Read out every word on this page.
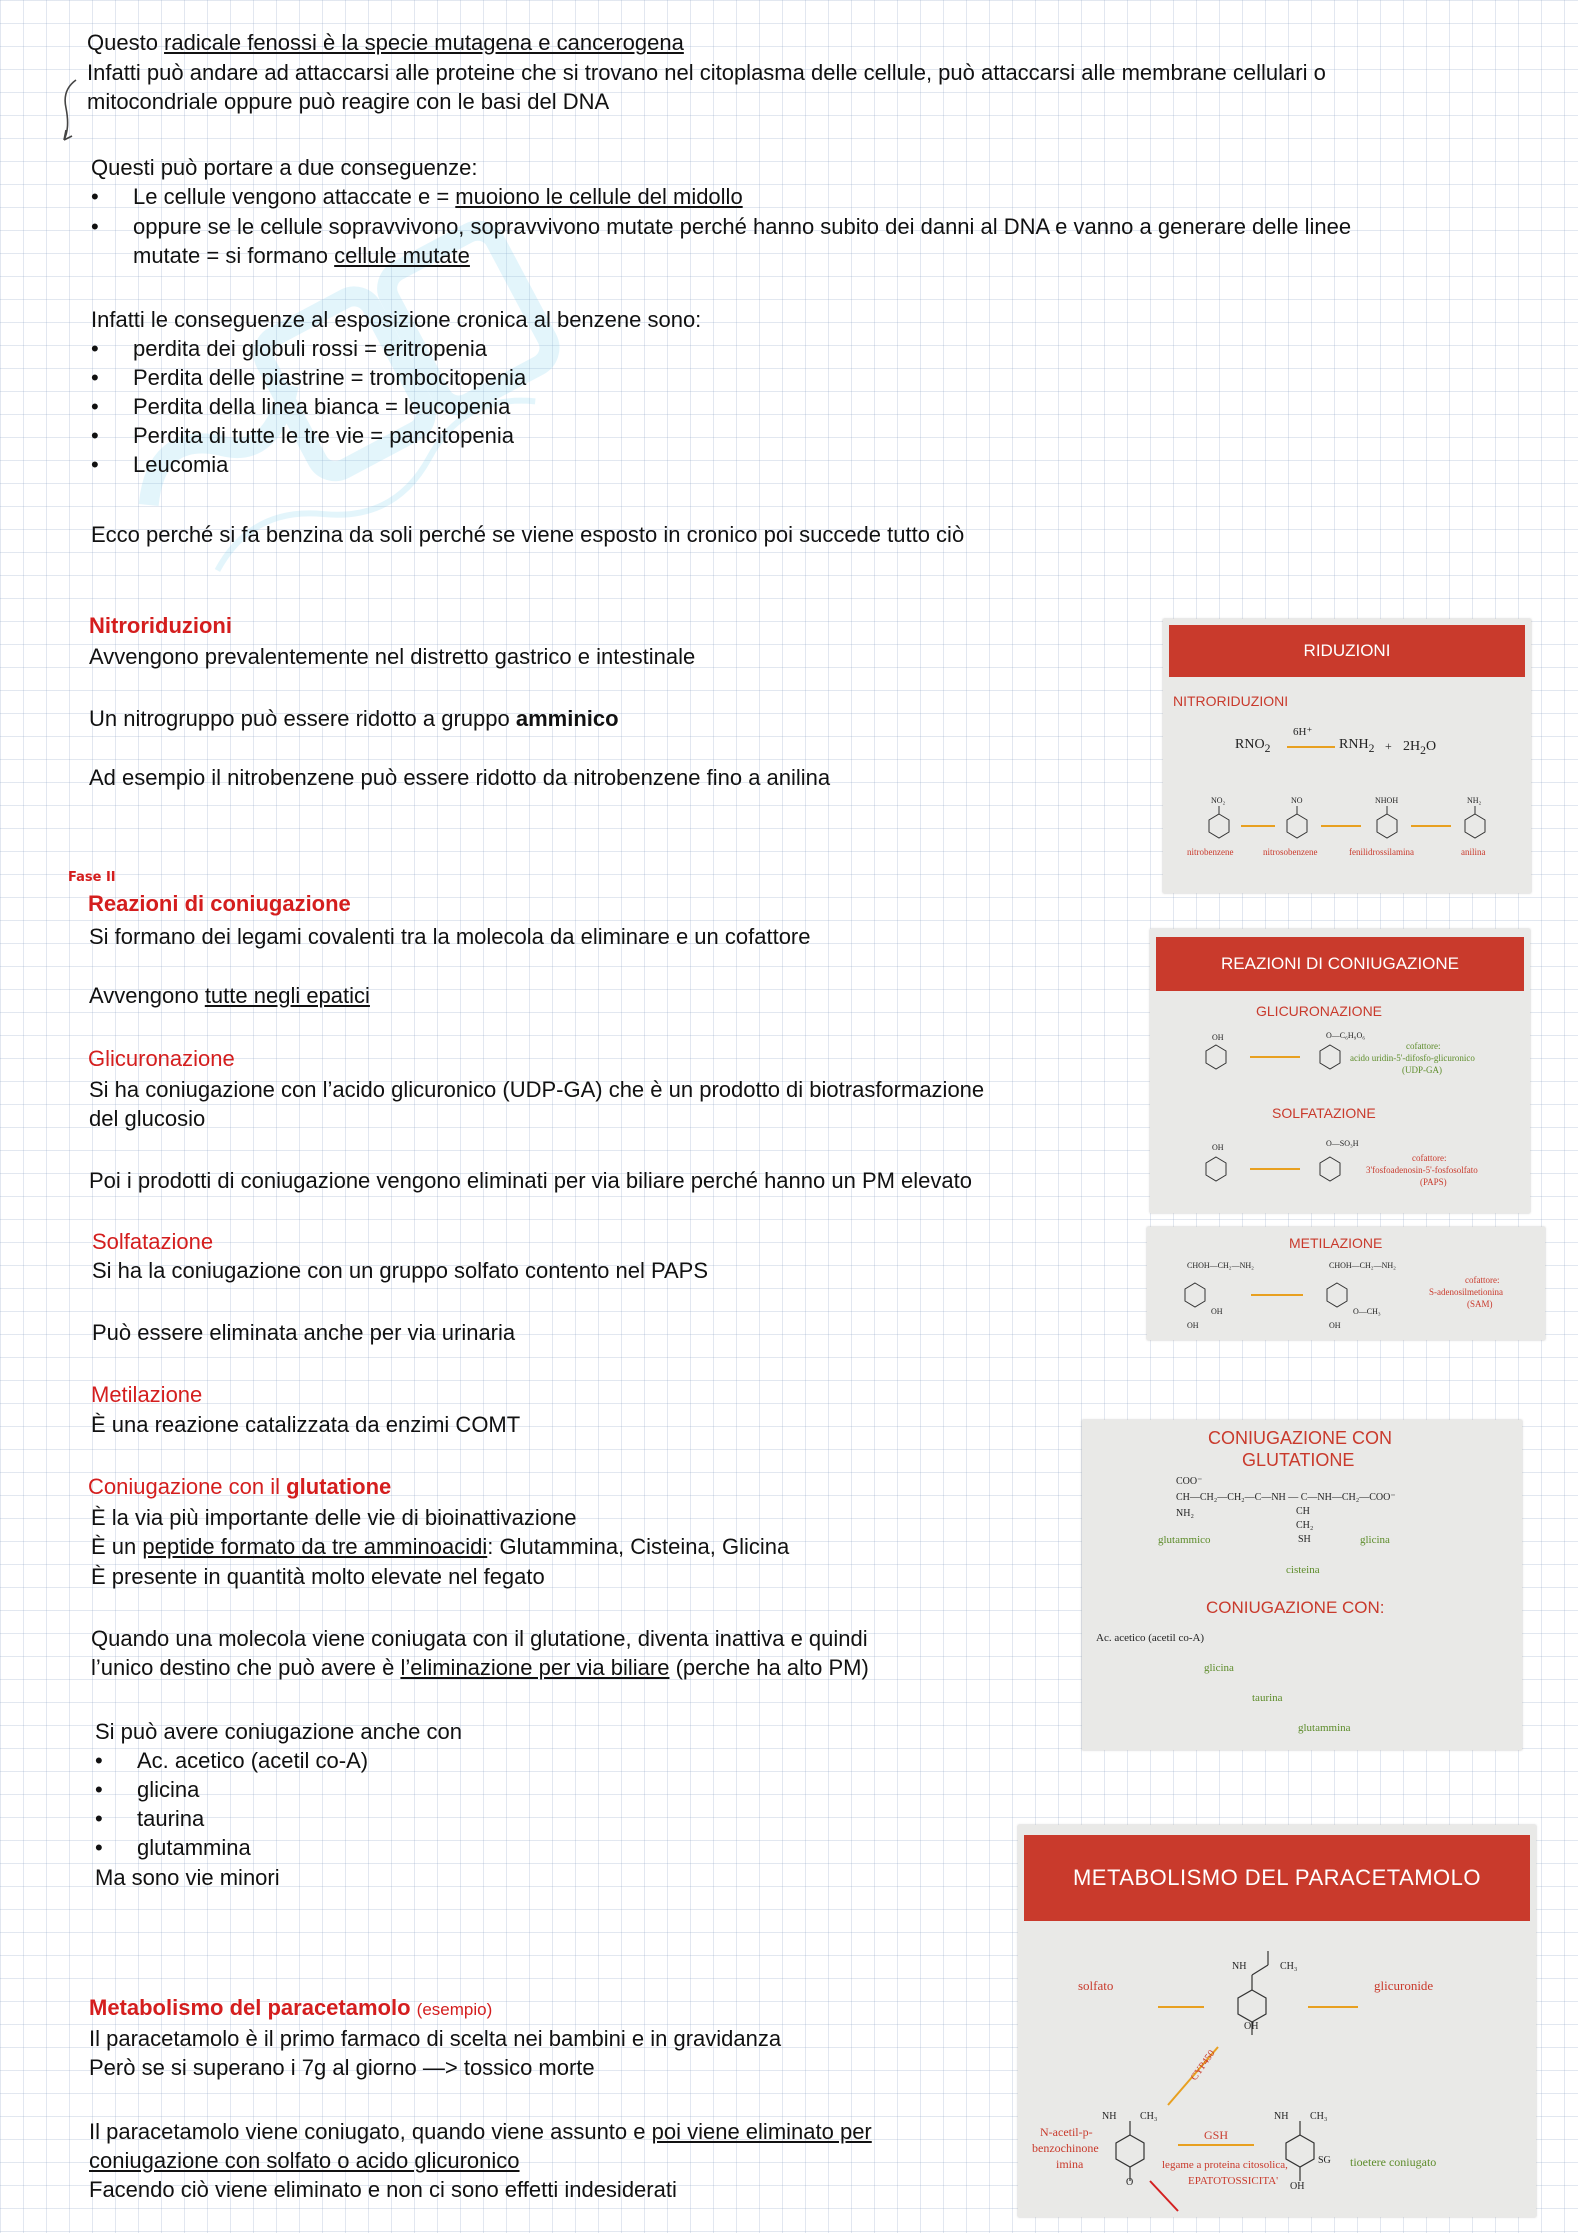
Questo radicale fenossi è la specie mutagena e cancerogena
Infatti può andare ad attaccarsi alle proteine che si trovano nel citoplasma delle cellule, può attaccarsi alle membrane cellulari o
mitocondriale oppure può reagire con le basi del DNA
Questi può portare a due conseguenze:
• Le cellule vengono attaccate e = muoiono le cellule del midollo
• oppure se le cellule sopravvivono, sopravvivono mutate perché hanno subito dei danni al DNA e vanno a generare delle linee
mutate = si formano cellule mutate
Infatti le conseguenze al esposizione cronica al benzene sono:
• perdita dei globuli rossi = eritropenia
• Perdita delle piastrine = trombocitopenia
• Perdita della linea bianca = leucopenia
• Perdita di tutte le tre vie = pancitopenia
• Leucomia
Ecco perché si fa benzina da soli perché se viene esposto in cronico poi succede tutto ciò
Nitroriduzioni
Avvengono prevalentemente nel distretto gastrico e intestinale
Un nitrogruppo può essere ridotto a gruppo amminico
Ad esempio il nitrobenzene può essere ridotto da nitrobenzene fino a anilina
RIDUZIONI
NITRORIDUZIONI
$RNO_2$
6H⁺
$RNH_2 + 2H_2O$
NO₂	NO	NHOH	NH₂
nitrobenzene	nitrosobenzene	fenilidrossilamina	anilina
Fase II
Reazioni di coniugazione
Si formano dei legami covalenti tra la molecola da eliminare e un cofattore
Avvengono tutte negli epatici
Glicuronazione
Si ha coniugazione con l’acido glicuronico (UDP-GA) che è un prodotto di biotrasformazione
del glucosio
Poi i prodotti di coniugazione vengono eliminati per via biliare perché hanno un PM elevato
REAZIONI DI CONIUGAZIONE
GLICURONAZIONE
OH	O—C₆H₉O₆
cofattore:
acido uridin-5'-difosfo-glicuronico
(UDP-GA)
SOLFATAZIONE
OH	O—SO₃H
cofattore:
3'fosfoadenosin-5'-fosfosolfato
(PAPS)
Solfatazione
Si ha la coniugazione con un gruppo solfato contento nel PAPS
Può essere eliminata anche per via urinaria
METILAZIONE
CHOH—CH₂—NH₂	CHOH—CH₂—NH₂
OH
OH
O—CH₃
OH
cofattore:
S-adenosilmetionina
(SAM)
Metilazione
È una reazione catalizzata da enzimi COMT
Coniugazione con il glutatione
È la via più importante delle vie di bioinattivazione
È un peptide formato da tre amminoacidi: Glutammina, Cisteina, Glicina
È presente in quantità molto elevate nel fegato
Quando una molecola viene coniugata con il glutatione, diventa inattiva e quindi
l’unico destino che può avere è l’eliminazione per via biliare (perche ha alto PM)
Si può avere coniugazione anche con
• Ac. acetico (acetil co-A)
• glicina
• taurina
• glutammina
Ma sono vie minori
CONIUGAZIONE CON
GLUTATIONE
COO⁻
CH—CH₂—CH₂—C—NH — C—NH—CH₂—COO⁻
NH₂	CH
CH₂
SH
glutammico	glicina
cisteina
CONIUGAZIONE CON:
Ac. acetico (acetil co-A)
glicina
taurina
glutammina
Metabolismo del paracetamolo (esempio)
Il paracetamolo è il primo farmaco di scelta nei bambini e in gravidanza
Però se si superano i 7g al giorno —> tossico morte
Il paracetamolo viene coniugato, quando viene assunto e poi viene eliminato per
coniugazione con solfato o acido glicuronico
Facendo ciò viene eliminato e non ci sono effetti indesiderati
METABOLISMO DEL PARACETAMOLO
solfato	glicuronide
NH	CH₃
OH
CYP450
GSH
NH CH₃
O
NH CH₃
SG
OH
tioetere coniugato
N-acetil-p-
benzochinone
imina	legame a proteina citosolica,
EPATOTOSSICITA'
